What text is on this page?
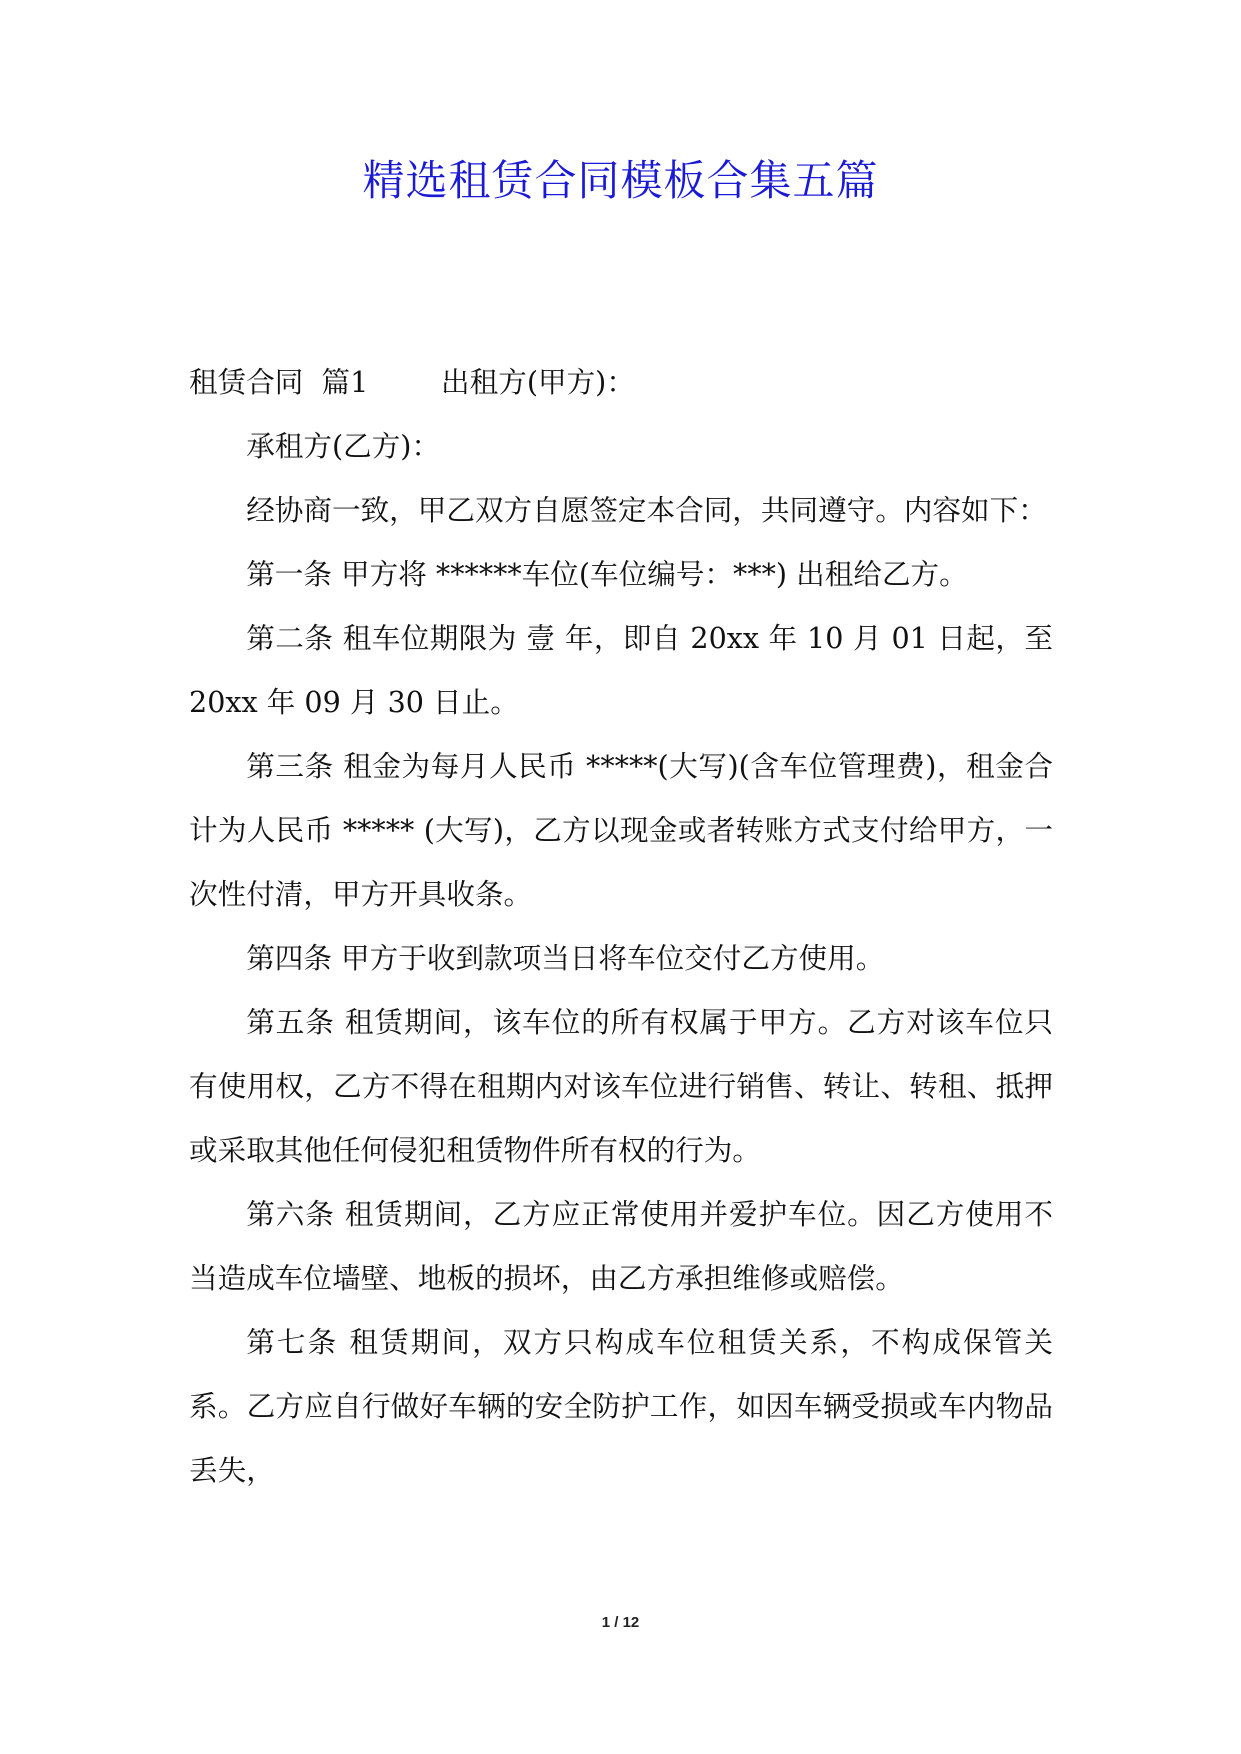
精选租赁合同模板合集五篇

租赁合同  篇1        出租方(甲方)：

承租方(乙方)：

经协商一致，甲乙双方自愿签定本合同，共同遵守。内容如下：

第一条 甲方将 ******车位(车位编号：***) 出租给乙方。

第二条 租车位期限为 壹 年，即自 20xx 年 10 月 01 日起，至 20xx 年 09 月 30 日止。

第三条 租金为每月人民币 *****(大写)(含车位管理费)，租金合计为人民币 ***** (大写)，乙方以现金或者转账方式支付给甲方，一次性付清，甲方开具收条。

第四条 甲方于收到款项当日将车位交付乙方使用。

第五条 租赁期间，该车位的所有权属于甲方。乙方对该车位只有使用权，乙方不得在租期内对该车位进行销售、转让、转租、抵押或采取其他任何侵犯租赁物件所有权的行为。

第六条 租赁期间，乙方应正常使用并爱护车位。因乙方使用不当造成车位墙壁、地板的损坏，由乙方承担维修或赔偿。

第七条 租赁期间，双方只构成车位租赁关系，不构成保管关系。乙方应自行做好车辆的安全防护工作，如因车辆受损或车内物品丢失，

1 / 12
